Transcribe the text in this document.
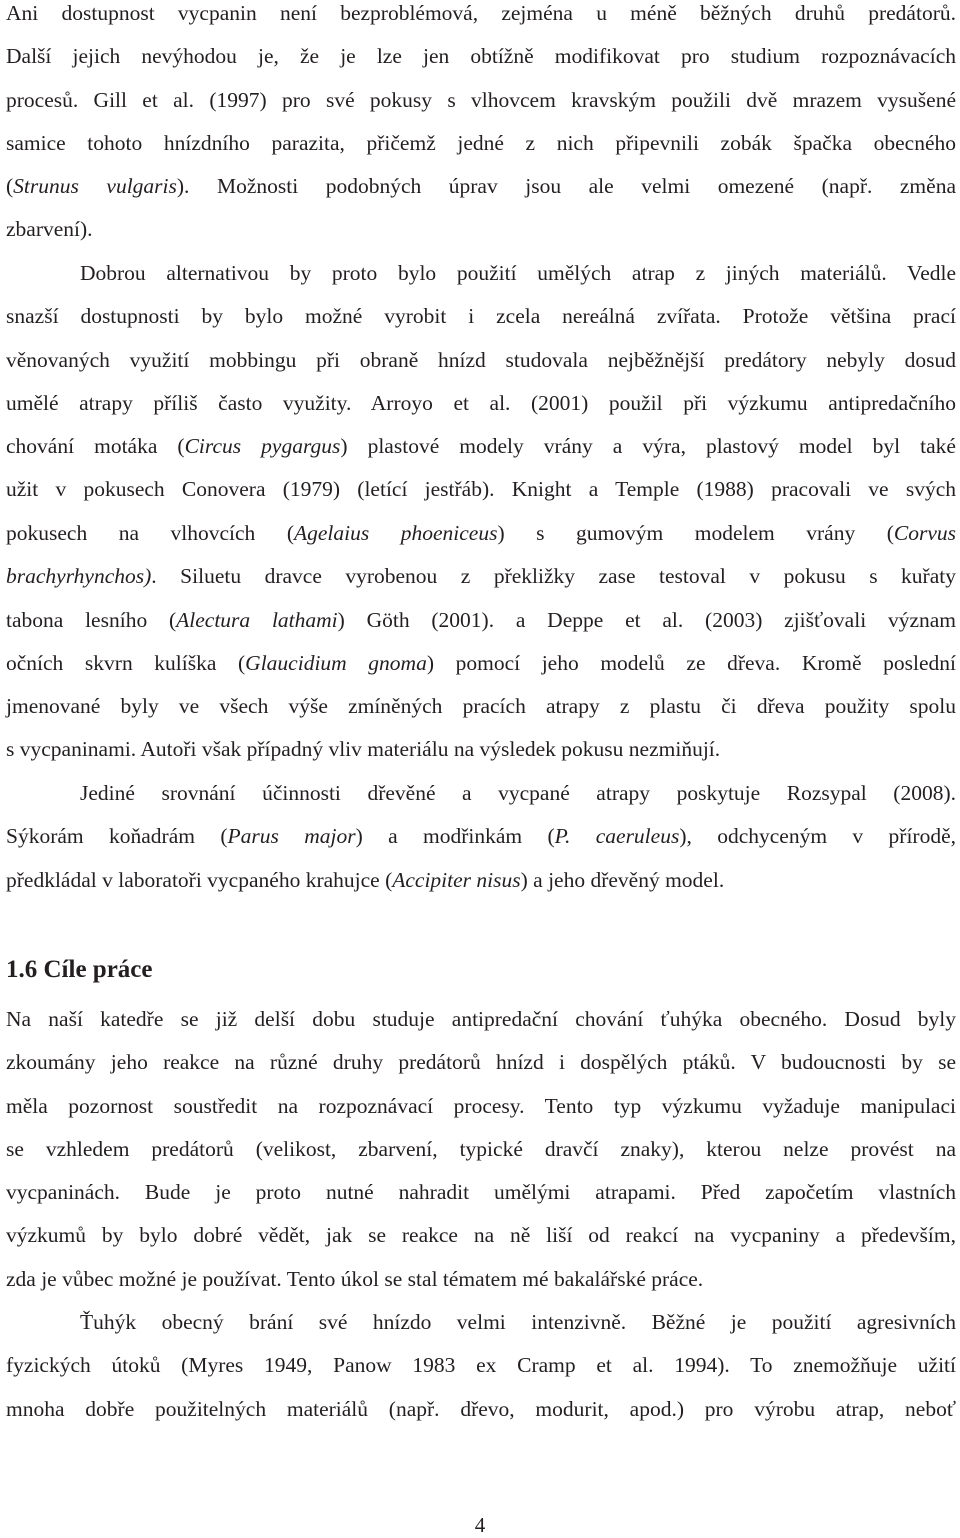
Ani dostupnost vycpanin není bezproblémová, zejména u méně běžných druhů predátorů.
Další jejich nevýhodou je, že je lze jen obtížně modifikovat pro studium rozpoznávacích
procesů. Gill et al. (1997) pro své pokusy s vlhovcem kravským použili dvě mrazem vysušené
samice tohoto hnízdního parazita, přičemž jedné z nich připevnili zobák špačka obecného
(Strunus vulgaris). Možnosti podobných úprav jsou ale velmi omezené (např. změna
zbarvení).
Dobrou alternativou by proto bylo použití umělých atrap z jiných materiálů. Vedle
snazší dostupnosti by bylo možné vyrobit i zcela nereálná zvířata. Protože většina prací
věnovaných využití mobbingu při obraně hnízd studovala nejběžnější predátory nebyly dosud
umělé atrapy příliš často využity. Arroyo et al. (2001) použil při výzkumu antipredačního
chování motáka (Circus pygargus) plastové modely vrány a výra, plastový model byl také
užit v pokusech Conovera (1979) (letící jestřáb). Knight a Temple (1988) pracovali ve svých
pokusech na vlhovcích (Agelaius phoeniceus) s gumovým modelem vrány (Corvus
brachyrhynchos). Siluetu dravce vyrobenou z překližky zase testoval v pokusu s kuřaty
tabona lesního (Alectura lathami) Göth (2001). a Deppe et al. (2003) zjišťovali význam
očních skvrn kulíška (Glaucidium gnoma) pomocí jeho modelů ze dřeva. Kromě poslední
jmenované byly ve všech výše zmíněných pracích atrapy z plastu či dřeva použity spolu
s vycpaninami. Autoři však případný vliv materiálu na výsledek pokusu nezmiňují.
Jediné srovnání účinnosti dřevěné a vycpané atrapy poskytuje Rozsypal (2008).
Sýkorám koňadrám (Parus major) a modřinkám (P. caeruleus), odchyceným v přírodě,
předkládal v laboratoři vycpaného krahujce (Accipiter nisus) a jeho dřevěný model.
1.6 Cíle práce
Na naší katedře se již delší dobu studuje antipredační chování ťuhýka obecného. Dosud byly
zkoumány jeho reakce na různé druhy predátorů hnízd i dospělých ptáků. V budoucnosti by se
měla pozornost soustředit na rozpoznávací procesy. Tento typ výzkumu vyžaduje manipulaci
se vzhledem predátorů (velikost, zbarvení, typické dravčí znaky), kterou nelze provést na
vycpaninách. Bude je proto nutné nahradit umělými atrapami. Před započetím vlastních
výzkumů by bylo dobré vědět, jak se reakce na ně liší od reakcí na vycpaniny a především,
zda je vůbec možné je používat. Tento úkol se stal tématem mé bakalářské práce.
Ťuhýk obecný brání své hnízdo velmi intenzivně. Běžné je použití agresivních
fyzických útoků (Myres 1949, Panow 1983 ex Cramp et al. 1994). To znemožňuje užití
mnoha dobře použitelných materiálů (např. dřevo, modurit, apod.) pro výrobu atrap, neboť
4
